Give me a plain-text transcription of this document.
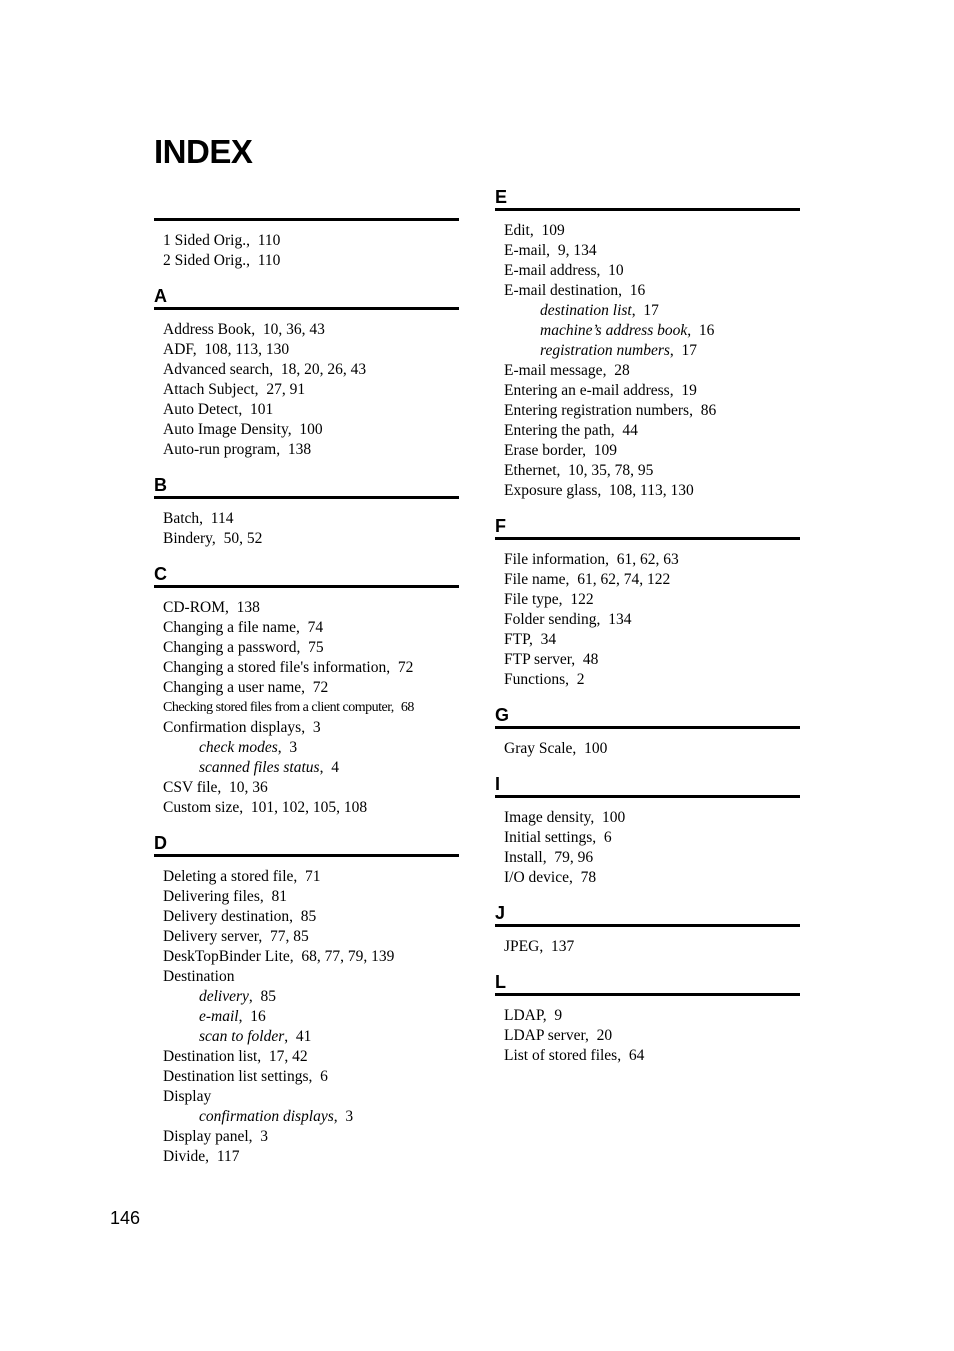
INDEX
1 Sided Orig., 110
2 Sided Orig., 110
A
Address Book, 10, 36, 43
ADF, 108, 113, 130
Advanced search, 18, 20, 26, 43
Attach Subject, 27, 91
Auto Detect, 101
Auto Image Density, 100
Auto-run program, 138
B
Batch, 114
Bindery, 50, 52
C
CD-ROM, 138
Changing a file name, 74
Changing a password, 75
Changing a stored file's information, 72
Changing a user name, 72
Checking stored files from a client computer, 68
Confirmation displays, 3
check modes, 3
scanned files status, 4
CSV file, 10, 36
Custom size, 101, 102, 105, 108
D
Deleting a stored file, 71
Delivering files, 81
Delivery destination, 85
Delivery server, 77, 85
DeskTopBinder Lite, 68, 77, 79, 139
Destination
delivery, 85
e-mail, 16
scan to folder, 41
Destination list, 17, 42
Destination list settings, 6
Display
confirmation displays, 3
Display panel, 3
Divide, 117
E
Edit, 109
E-mail, 9, 134
E-mail address, 10
E-mail destination, 16
destination list, 17
machine’s address book, 16
registration numbers, 17
E-mail message, 28
Entering an e-mail address, 19
Entering registration numbers, 86
Entering the path, 44
Erase border, 109
Ethernet, 10, 35, 78, 95
Exposure glass, 108, 113, 130
F
File information, 61, 62, 63
File name, 61, 62, 74, 122
File type, 122
Folder sending, 134
FTP, 34
FTP server, 48
Functions, 2
G
Gray Scale, 100
I
Image density, 100
Initial settings, 6
Install, 79, 96
I/O device, 78
J
JPEG, 137
L
LDAP, 9
LDAP server, 20
List of stored files, 64
146
